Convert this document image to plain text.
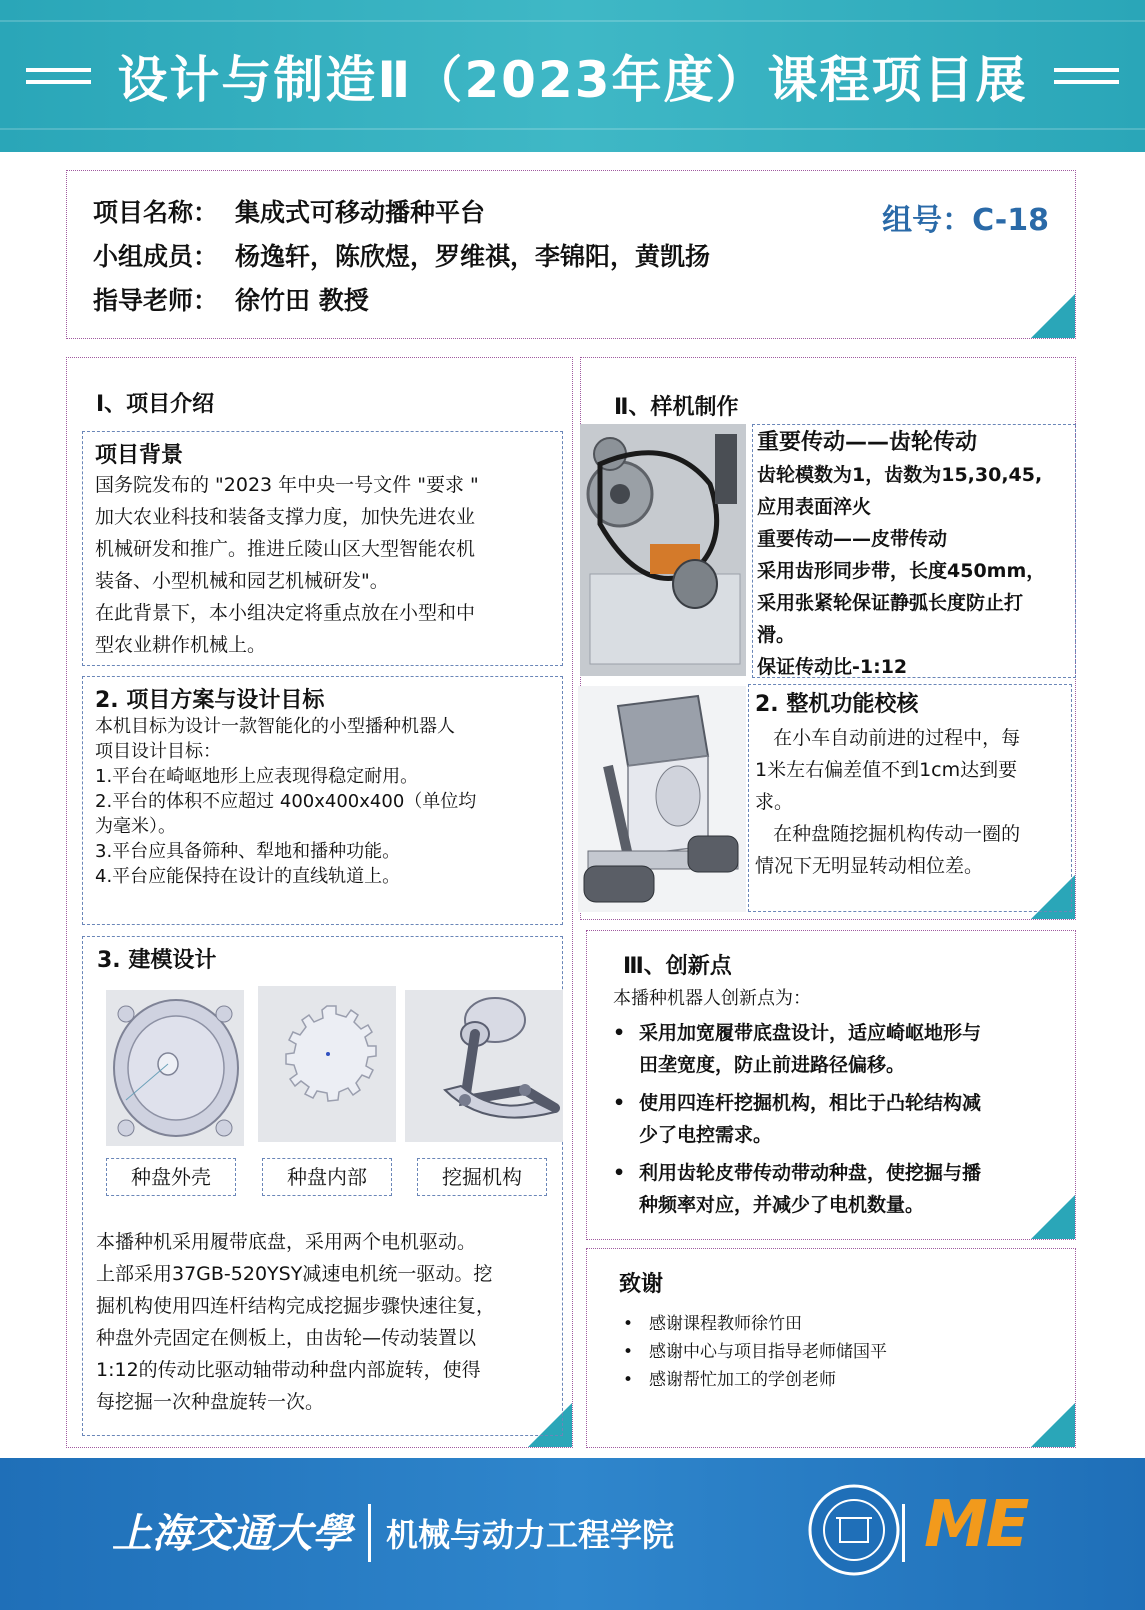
设计与制造Ⅱ（2023年度）课程项目展
项目名称： 集成式可移动播种平台
小组成员： 杨逸轩，陈欣煜，罗维祺，李锦阳，黄凯扬
指导老师： 徐竹田 教授
组号：C-18
Ⅰ、项目介绍
项目背景
国务院发布的 "2023 年中央一号文件 "要求 "
加大农业科技和装备支撑力度，加快先进农业
机械研发和推广。推进丘陵山区大型智能农机
装备、小型机械和园艺机械研发"。
在此背景下，本小组决定将重点放在小型和中
型农业耕作机械上。
2. 项目方案与设计目标
本机目标为设计一款智能化的小型播种机器人
项目设计目标：
1.平台在崎岖地形上应表现得稳定耐用。
2.平台的体积不应超过 400x400x400（单位均
为毫米）。
3.平台应具备筛种、犁地和播种功能。
4.平台应能保持在设计的直线轨道上。
3. 建模设计
种盘外壳	种盘内部	挖掘机构
本播种机采用履带底盘，采用两个电机驱动。
上部采用37GB-520YSY减速电机统一驱动。挖
掘机构使用四连杆结构完成挖掘步骤快速往复，
种盘外壳固定在侧板上，由齿轮—传动装置以
1:12的传动比驱动轴带动种盘内部旋转，使得
每挖掘一次种盘旋转一次。
Ⅱ、样机制作
重要传动——齿轮传动
齿轮模数为1，齿数为15,30,45,
应用表面淬火
重要传动——皮带传动
采用齿形同步带，长度450mm，
采用张紧轮保证静弧长度防止打
滑。
保证传动比-1:12
2. 整机功能校核
在小车自动前进的过程中，每
1米左右偏差值不到1cm达到要
求。
在种盘随挖掘机构传动一圈的
情况下无明显转动相位差。
Ⅲ、创新点
本播种机器人创新点为：
• 采用加宽履带底盘设计，适应崎岖地形与
田垄宽度，防止前进路径偏移。
• 使用四连杆挖掘机构，相比于凸轮结构减
少了电控需求。
• 利用齿轮皮带传动带动种盘，使挖掘与播
种频率对应，并减少了电机数量。
致谢
• 感谢课程教师徐竹田
• 感谢中心与项目指导老师储国平
• 感谢帮忙加工的学创老师
上海交通大學 机械与动力工程学院	ME
